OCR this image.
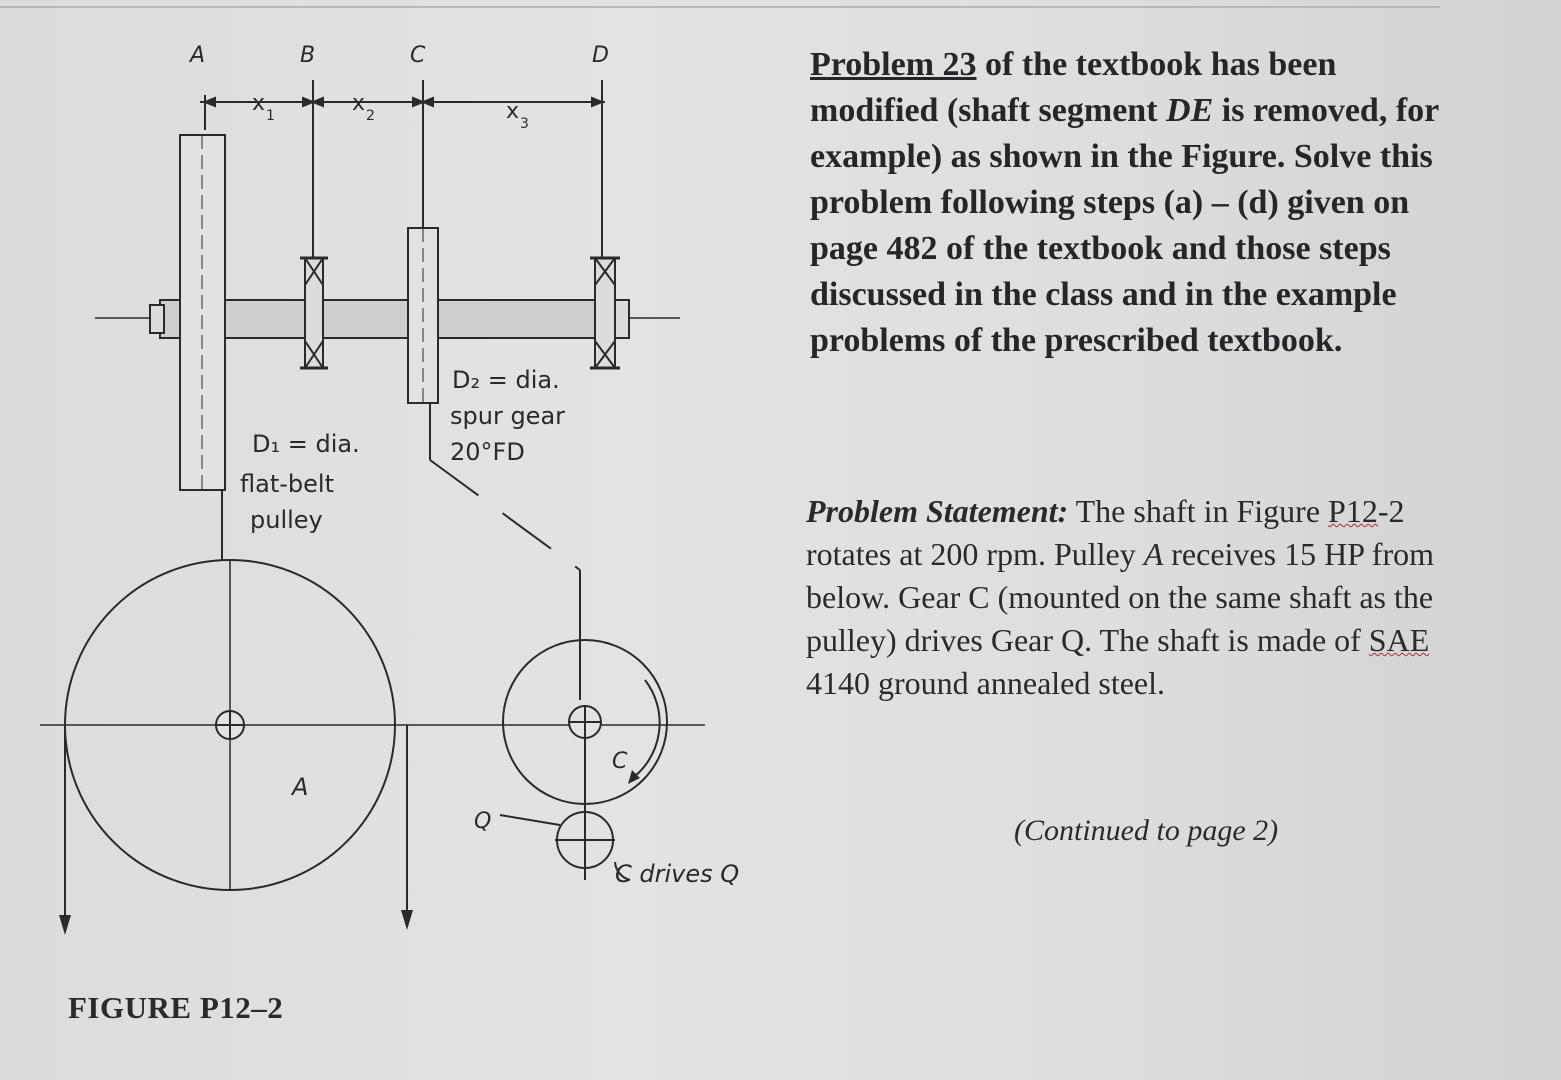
A	B	C	D
x 1	x 2	x 3
D₁ = dia.
flat-belt
pulley
D₂ = dia.
spur gear
20°FD
A
C
Q
C drives Q
FIGURE P12–2
Problem 23 of the textbook has been modified (shaft segment DE is removed, for example) as shown in the Figure. Solve this problem following steps (a) – (d) given on page 482 of the textbook and those steps discussed in the class and in the example problems of the prescribed textbook.
Problem Statement: The shaft in Figure P12-2 rotates at 200 rpm. Pulley A receives 15 HP from below. Gear C (mounted on the same shaft as the pulley) drives Gear Q. The shaft is made of SAE 4140 ground annealed steel.
(Continued to page 2)
